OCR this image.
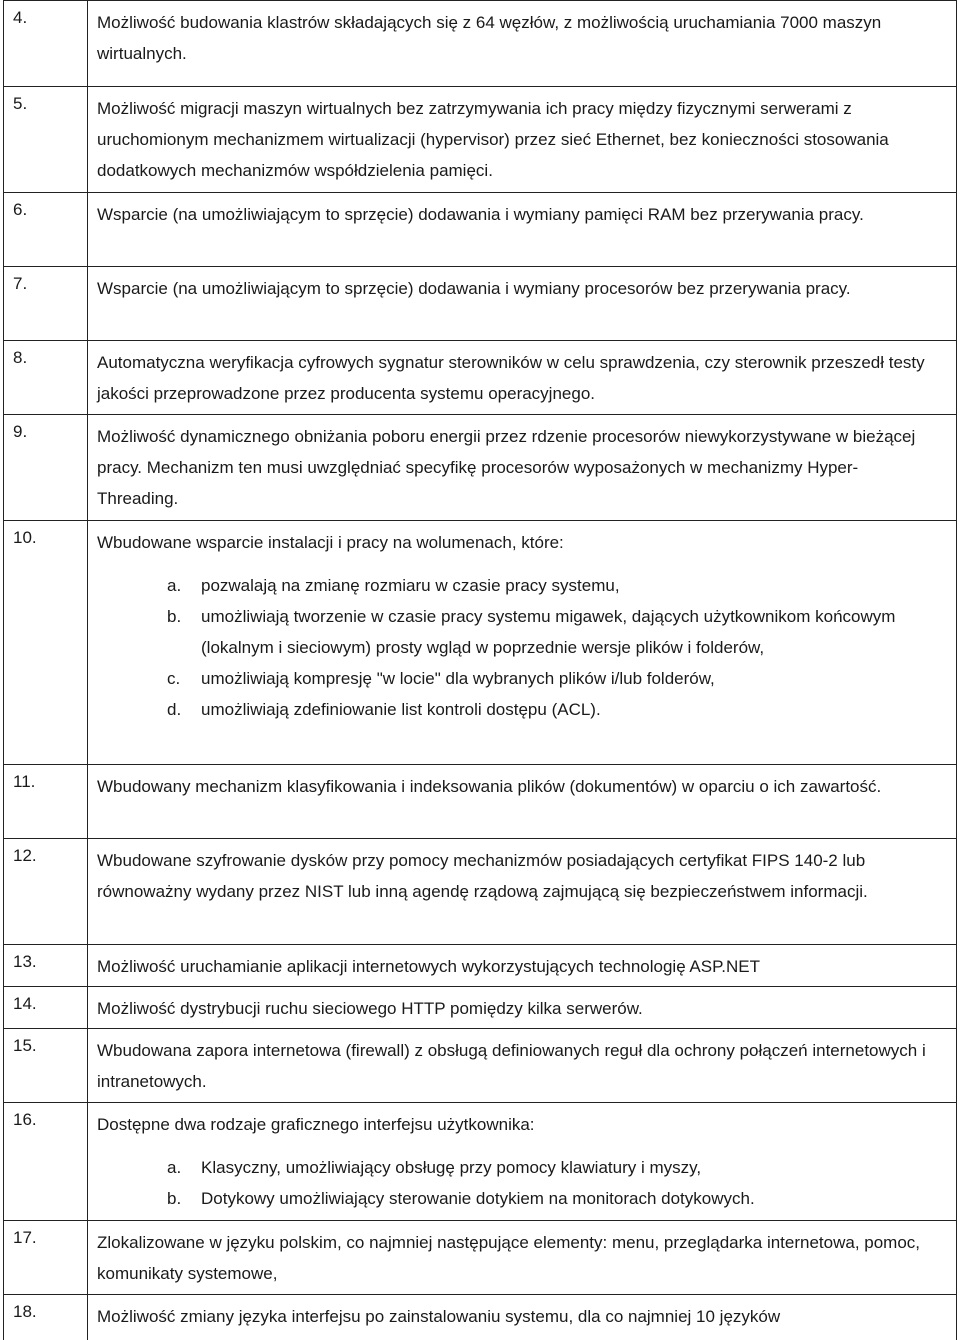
4.	Możliwość budowania klastrów składających się z 64 węzłów, z możliwością uruchamiania 7000 maszyn wirtualnych.
5.	Możliwość migracji maszyn wirtualnych bez zatrzymywania ich pracy między fizycznymi serwerami z uruchomionym mechanizmem wirtualizacji (hypervisor) przez sieć Ethernet, bez konieczności stosowania dodatkowych mechanizmów współdzielenia pamięci.
6.	Wsparcie (na umożliwiającym to sprzęcie) dodawania i wymiany pamięci RAM bez przerywania pracy.
7.	Wsparcie (na umożliwiającym to sprzęcie) dodawania i wymiany procesorów bez przerywania pracy.
8.	Automatyczna weryfikacja cyfrowych sygnatur sterowników w celu sprawdzenia, czy sterownik przeszedł testy jakości przeprowadzone przez producenta systemu operacyjnego.
9.	Możliwość dynamicznego obniżania poboru energii przez rdzenie procesorów niewykorzystywane w bieżącej pracy. Mechanizm ten musi uwzględniać specyfikę procesorów wyposażonych w mechanizmy Hyper-Threading.
10.	Wbudowane wsparcie instalacji i pracy na wolumenach, które:
a. pozwalają na zmianę rozmiaru w czasie pracy systemu,
b. umożliwiają tworzenie w czasie pracy systemu migawek, dających użytkownikom końcowym (lokalnym i sieciowym) prosty wgląd w poprzednie wersje plików i folderów,
c. umożliwiają kompresję "w locie" dla wybranych plików i/lub folderów,
d. umożliwiają zdefiniowanie list kontroli dostępu (ACL).
11.	Wbudowany mechanizm klasyfikowania i indeksowania plików (dokumentów) w oparciu o ich zawartość.
12.	Wbudowane szyfrowanie dysków przy pomocy mechanizmów posiadających certyfikat FIPS 140-2 lub równoważny wydany przez NIST lub inną agendę rządową zajmującą się bezpieczeństwem informacji.
13.	Możliwość uruchamianie aplikacji internetowych wykorzystujących technologię ASP.NET
14.	Możliwość dystrybucji ruchu sieciowego HTTP pomiędzy kilka serwerów.
15.	Wbudowana zapora internetowa (firewall) z obsługą definiowanych reguł dla ochrony połączeń internetowych i intranetowych.
16.	Dostępne dwa rodzaje graficznego interfejsu użytkownika:
a. Klasyczny, umożliwiający obsługę przy pomocy klawiatury i myszy,
b. Dotykowy umożliwiający sterowanie dotykiem na monitorach dotykowych.
17.	Zlokalizowane w języku polskim, co najmniej następujące elementy: menu, przeglądarka internetowa, pomoc, komunikaty systemowe,
18.	Możliwość zmiany języka interfejsu po zainstalowaniu systemu, dla co najmniej 10 języków
